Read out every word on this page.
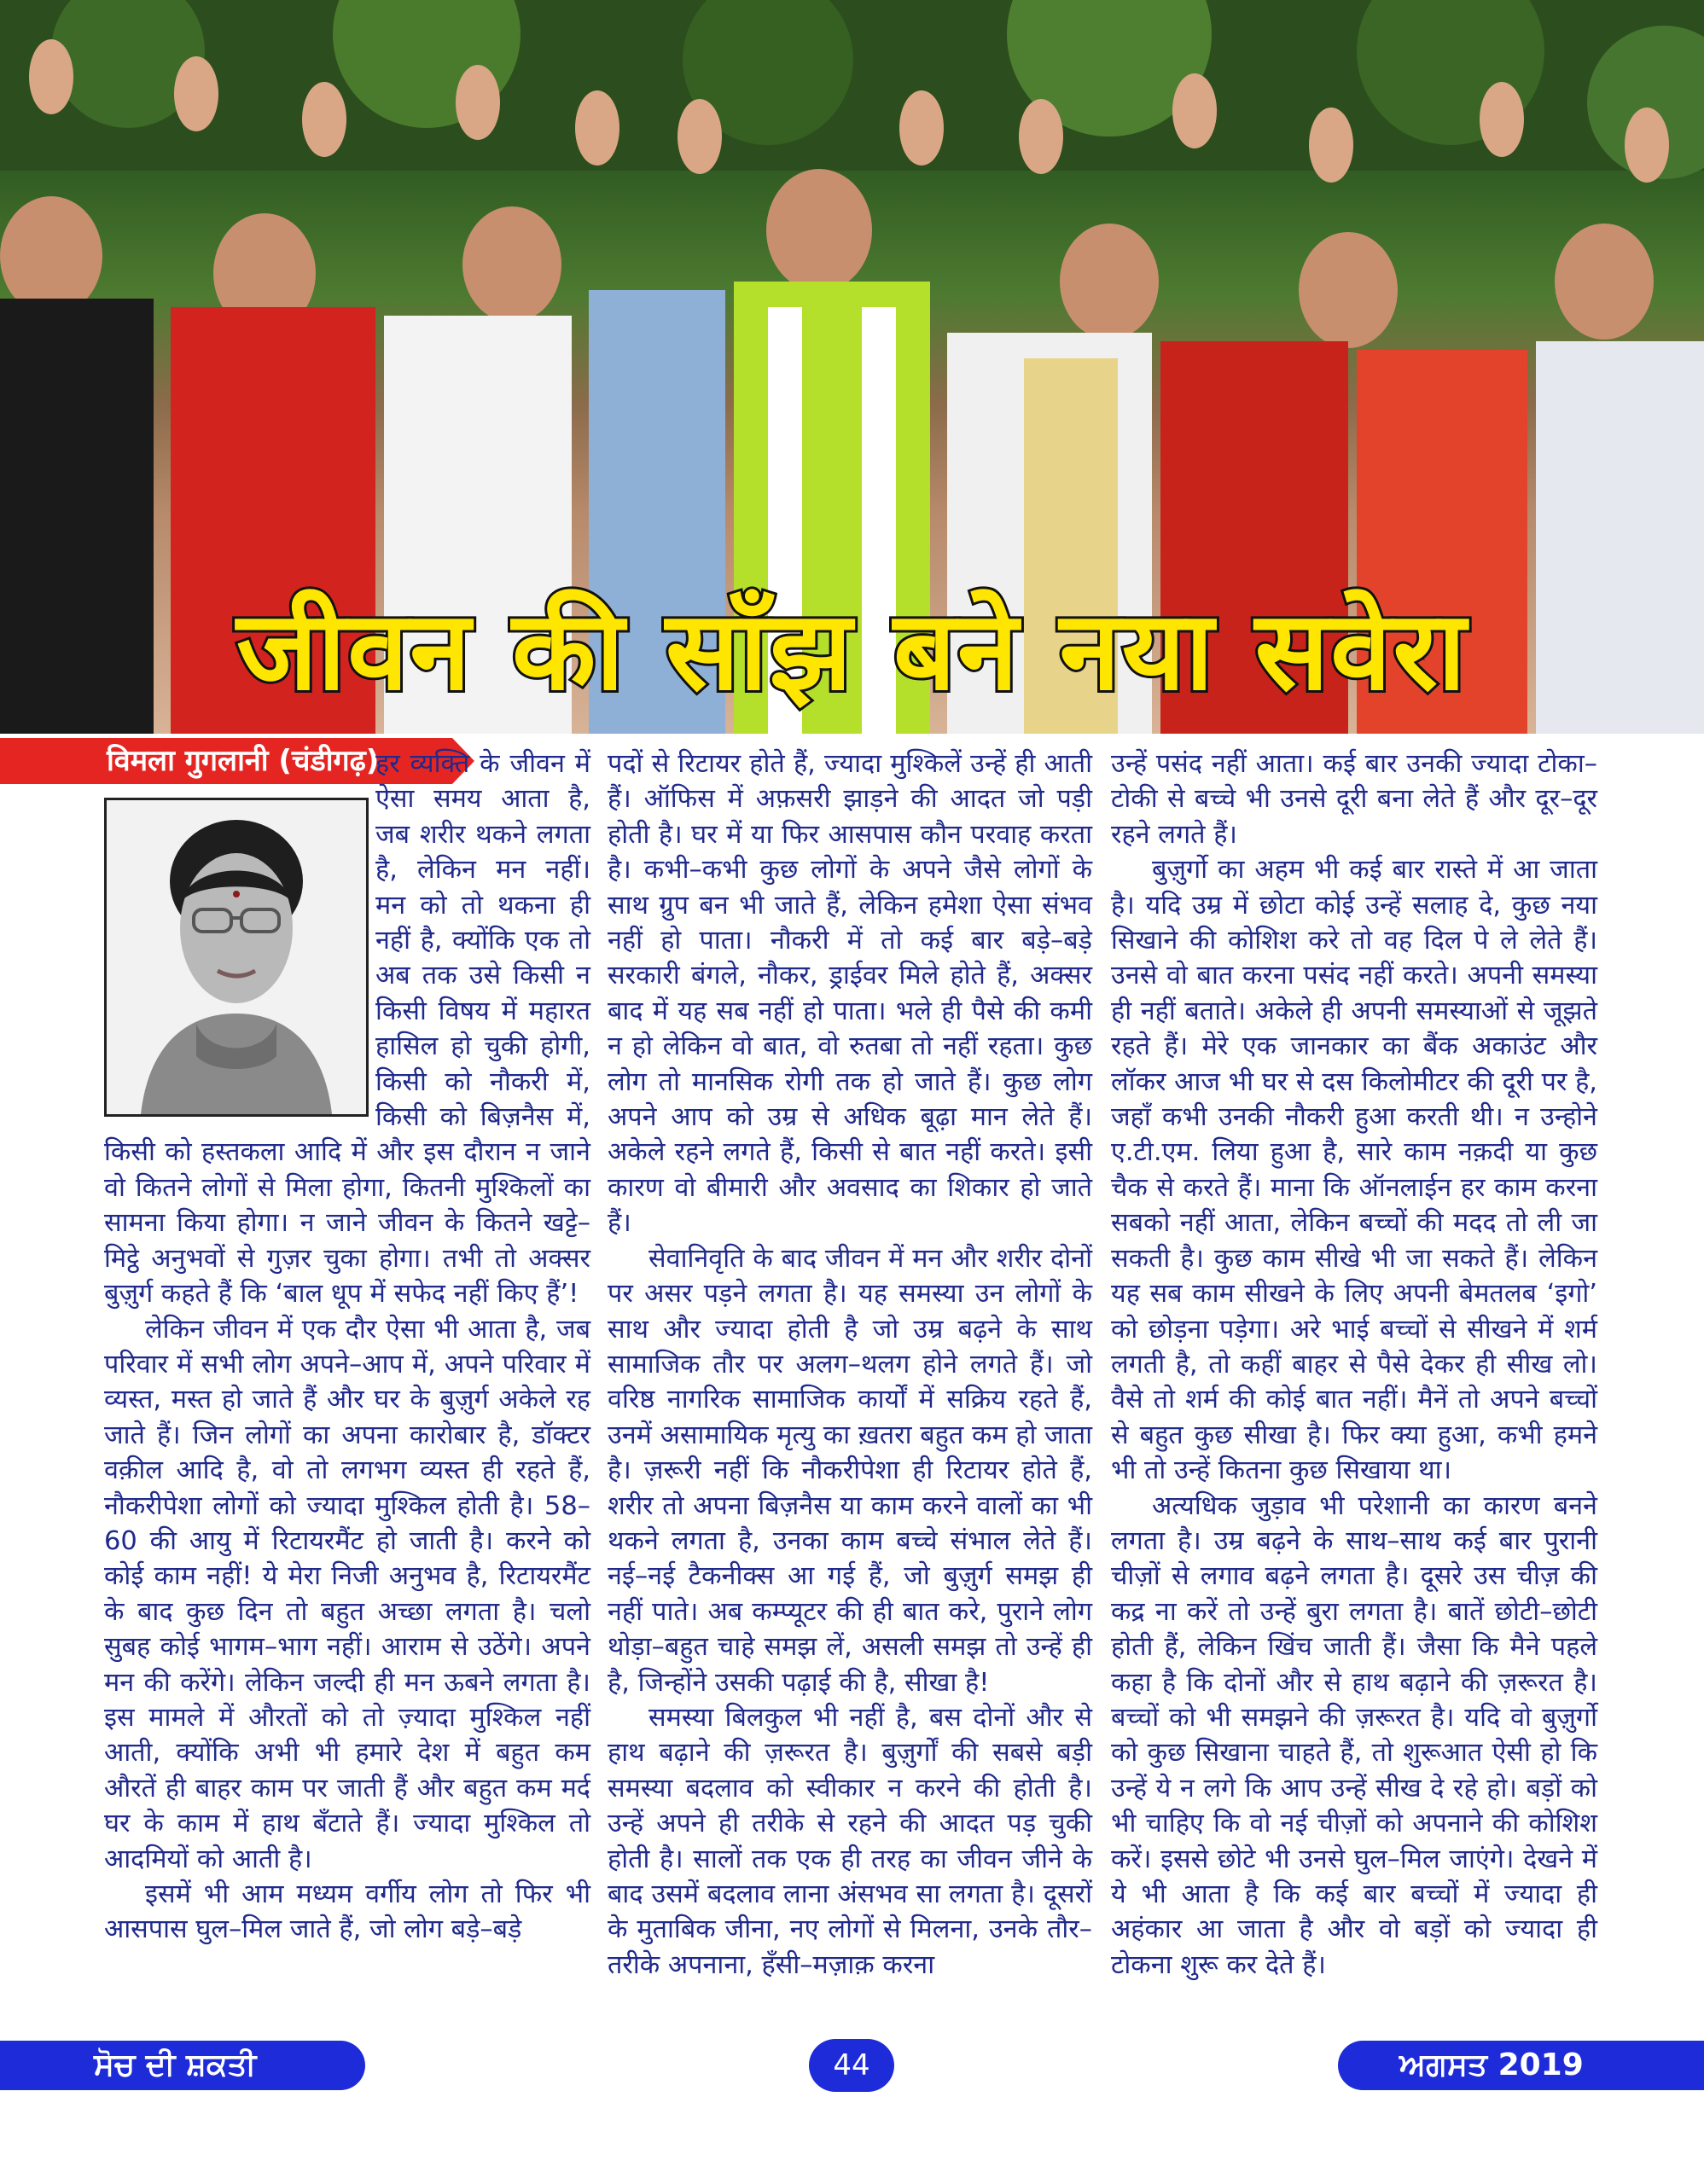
जीवन की साँझ बने नया सवेरा
विमला गुगलानी (चंडीगढ़)

हर व्यक्ति के जीवन में ऐसा समय आता है, जब शरीर थकने लगता है, लेकिन मन नहीं। मन को तो थकना ही नहीं है, क्योंकि एक तो अब तक उसे किसी न किसी विषय में महारत हासिल हो चुकी होगी, किसी को नौकरी में, किसी को बिज़नैस में, किसी को हस्तकला आदि में और इस दौरान न जाने वो कितने लोगों से मिला होगा, कितनी मुश्किलों का सामना किया होगा। न जाने जीवन के कितने खट्टे–मिट्ठे अनुभवों से गुज़र चुका होगा। तभी तो अक्सर बुज़ुर्ग कहते हैं कि ‘बाल धूप में सफेद नहीं किए हैं’!

लेकिन जीवन में एक दौर ऐसा भी आता है, जब परिवार में सभी लोग अपने–आप में, अपने परिवार में व्यस्त, मस्त हो जाते हैं और घर के बुज़ुर्ग अकेले रह जाते हैं। जिन लोगों का अपना कारोबार है, डॉक्टर वक़ील आदि है, वो तो लगभग व्यस्त ही रहते हैं, नौकरीपेशा लोगों को ज्यादा मुश्किल होती है। 58–60 की आयु में रिटायरमैंट हो जाती है। करने को कोई काम नहीं! ये मेरा निजी अनुभव है, रिटायरमैंट के बाद कुछ दिन तो बहुत अच्छा लगता है। चलो सुबह कोई भागम–भाग नहीं। आराम से उठेंगे। अपने मन की करेंगे। लेकिन जल्दी ही मन ऊबने लगता है। इस मामले में औरतों को तो ज़्यादा मुश्किल नहीं आती, क्योंकि अभी भी हमारे देश में बहुत कम औरतें ही बाहर काम पर जाती हैं और बहुत कम मर्द घर के काम में हाथ बँटाते हैं। ज्यादा मुश्किल तो आदमियों को आती है।

इसमें भी आम मध्यम वर्गीय लोग तो फिर भी आसपास घुल–मिल जाते हैं, जो लोग बड़े–बड़े

पदों से रिटायर होते हैं, ज्यादा मुश्किलें उन्हें ही आती हैं। ऑफिस में अफ़सरी झाड़ने की आदत जो पड़ी होती है। घर में या फिर आसपास कौन परवाह करता है। कभी–कभी कुछ लोगों के अपने जैसे लोगों के साथ ग्रुप बन भी जाते हैं, लेकिन हमेशा ऐसा संभव नहीं हो पाता। नौकरी में तो कई बार बड़े–बड़े सरकारी बंगले, नौकर, ड्राईवर मिले होते हैं, अक्सर बाद में यह सब नहीं हो पाता। भले ही पैसे की कमी न हो लेकिन वो बात, वो रुतबा तो नहीं रहता। कुछ लोग तो मानसिक रोगी तक हो जाते हैं। कुछ लोग अपने आप को उम्र से अधिक बूढ़ा मान लेते हैं। अकेले रहने लगते हैं, किसी से बात नहीं करते। इसी कारण वो बीमारी और अवसाद का शिकार हो जाते हैं।

सेवानिवृति के बाद जीवन में मन और शरीर दोनों पर असर पड़ने लगता है। यह समस्या उन लोगों के साथ और ज्यादा होती है जो उम्र बढ़ने के साथ सामाजिक तौर पर अलग–थलग होने लगते हैं। जो वरिष्ठ नागरिक सामाजिक कार्यों में सक्रिय रहते हैं, उनमें असामायिक मृत्यु का ख़तरा बहुत कम हो जाता है। ज़रूरी नहीं कि नौकरीपेशा ही रिटायर होते हैं, शरीर तो अपना बिज़नैस या काम करने वालों का भी थकने लगता है, उनका काम बच्चे संभाल लेते हैं। नई–नई टैकनीक्स आ गई हैं, जो बुज़ुर्ग समझ ही नहीं पाते। अब कम्प्यूटर की ही बात करे, पुराने लोग थोड़ा–बहुत चाहे समझ लें, असली समझ तो उन्हें ही है, जिन्होंने उसकी पढ़ाई की है, सीखा है!

समस्या बिलकुल भी नहीं है, बस दोनों और से हाथ बढ़ाने की ज़रूरत है। बुज़ुर्गों की सबसे बड़ी समस्या बदलाव को स्वीकार न करने की होती है। उन्हें अपने ही तरीके से रहने की आदत पड़ चुकी होती है। सालों तक एक ही तरह का जीवन जीने के बाद उसमें बदलाव लाना अंसभव सा लगता है। दूसरों के मुताबिक जीना, नए लोगों से मिलना, उनके तौर–तरीके अपनाना, हँसी–मज़ाक़ करना

उन्हें पसंद नहीं आता। कई बार उनकी ज्यादा टोका–टोकी से बच्चे भी उनसे दूरी बना लेते हैं और दूर–दूर रहने लगते हैं।

बुज़ुर्गो का अहम भी कई बार रास्ते में आ जाता है। यदि उम्र में छोटा कोई उन्हें सलाह दे, कुछ नया सिखाने की कोशिश करे तो वह दिल पे ले लेते हैं। उनसे वो बात करना पसंद नहीं करते। अपनी समस्या ही नहीं बताते। अकेले ही अपनी समस्याओं से जूझते रहते हैं। मेरे एक जानकार का बैंक अकाउंट और लॉकर आज भी घर से दस किलोमीटर की दूरी पर है, जहाँ कभी उनकी नौकरी हुआ करती थी। न उन्होने ए.टी.एम. लिया हुआ है, सारे काम नक़दी या कुछ चैक से करते हैं। माना कि ऑनलाईन हर काम करना सबको नहीं आता, लेकिन बच्चों की मदद तो ली जा सकती है। कुछ काम सीखे भी जा सकते हैं। लेकिन यह सब काम सीखने के लिए अपनी बेमतलब ‘इगो’ को छोड़ना पड़ेगा। अरे भाई बच्चों से सीखने में शर्म लगती है, तो कहीं बाहर से पैसे देकर ही सीख लो। वैसे तो शर्म की कोई बात नहीं। मैनें तो अपने बच्चों से बहुत कुछ सीखा है। फिर क्या हुआ, कभी हमने भी तो उन्हें कितना कुछ सिखाया था।

अत्यधिक जुड़ाव भी परेशानी का कारण बनने लगता है। उम्र बढ़ने के साथ–साथ कई बार पुरानी चीज़ों से लगाव बढ़ने लगता है। दूसरे उस चीज़ की कद्र ना करें तो उन्हें बुरा लगता है। बातें छोटी–छोटी होती हैं, लेकिन खिंच जाती हैं। जैसा कि मैने पहले कहा है कि दोनों और से हाथ बढ़ाने की ज़रूरत है। बच्चों को भी समझने की ज़रूरत है। यदि वो बुज़ुर्गो को कुछ सिखाना चाहते हैं, तो शुरूआत ऐसी हो कि उन्हें ये न लगे कि आप उन्हें सीख दे रहे हो। बड़ों को भी चाहिए कि वो नई चीज़ों को अपनाने की कोशिश करें। इससे छोटे भी उनसे घुल–मिल जाएंगे। देखने में ये भी आता है कि कई बार बच्चों में ज्यादा ही अहंकार आ जाता है और वो बड़ों को ज्यादा ही टोकना शुरू कर देते हैं।

ਸੋਚ ਦੀ ਸ਼ਕਤੀ	44	ਅਗਸਤ 2019
